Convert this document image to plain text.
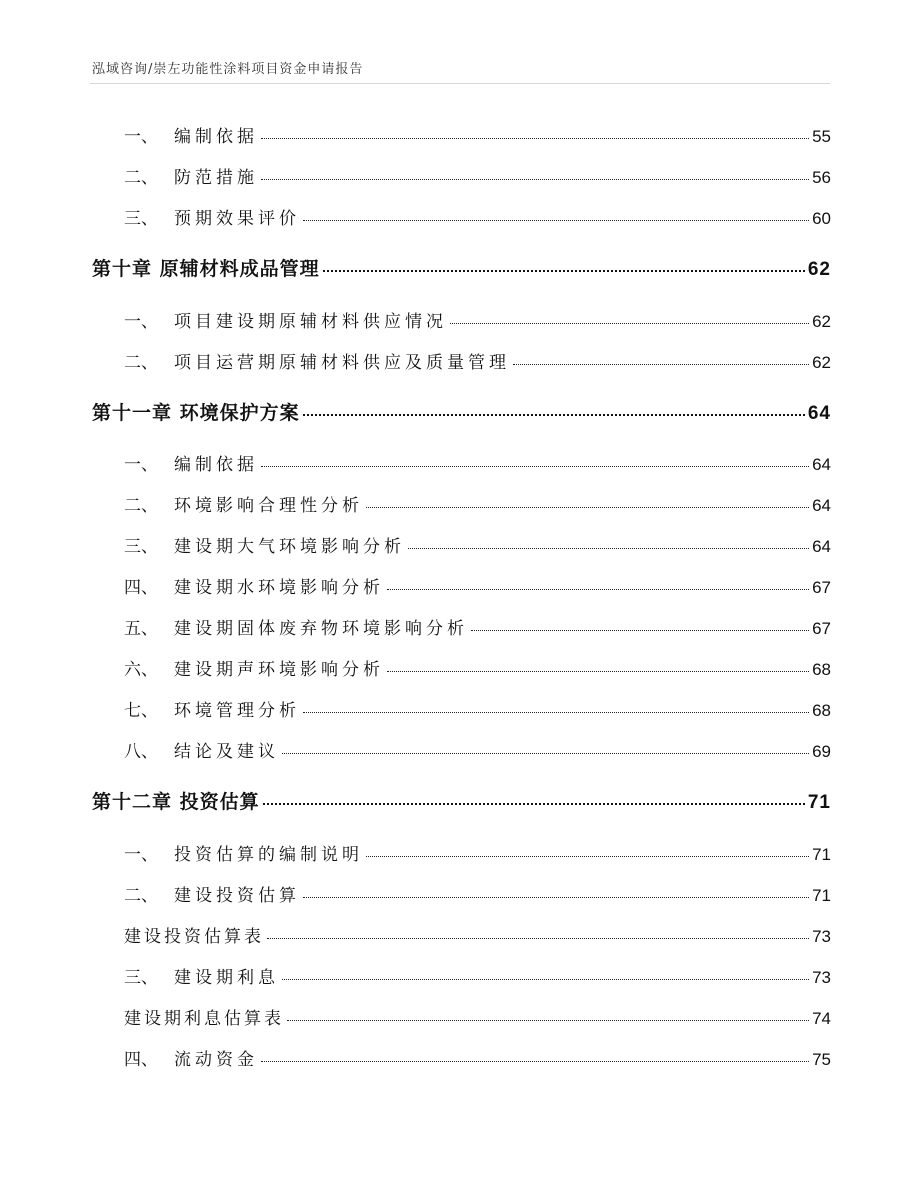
泓域咨询/崇左功能性涂料项目资金申请报告
一、 编制依据	55
二、 防范措施	56
三、 预期效果评价	60
第十章 原辅材料成品管理	62
一、 项目建设期原辅材料供应情况	62
二、 项目运营期原辅材料供应及质量管理	62
第十一章 环境保护方案	64
一、 编制依据	64
二、 环境影响合理性分析	64
三、 建设期大气环境影响分析	64
四、 建设期水环境影响分析	67
五、 建设期固体废弃物环境影响分析	67
六、 建设期声环境影响分析	68
七、 环境管理分析	68
八、 结论及建议	69
第十二章 投资估算	71
一、 投资估算的编制说明	71
二、 建设投资估算	71
建设投资估算表	73
三、 建设期利息	73
建设期利息估算表	74
四、 流动资金	75
